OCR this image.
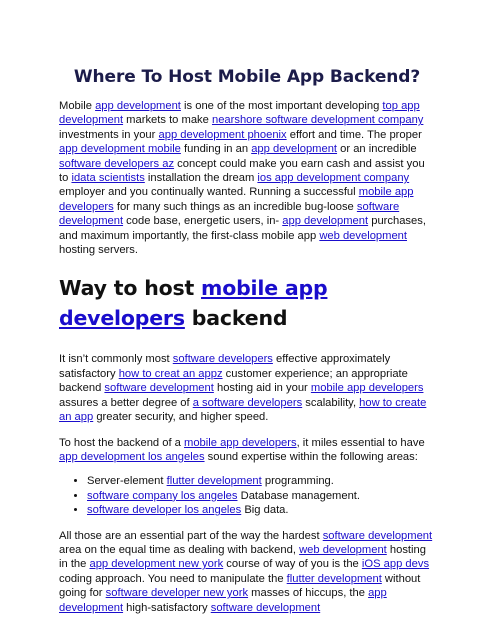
Where To Host Mobile App Backend?

Mobile app development is one of the most important developing top app development markets to make nearshore software development company investments in your app development phoenix effort and time. The proper app development mobile funding in an app development or an incredible software developers az concept could make you earn cash and assist you to idata scientists installation the dream ios app development company employer and you continually wanted. Running a successful mobile app developers for many such things as an incredible bug-loose software development code base, energetic users, in- app development purchases, and maximum importantly, the first-class mobile app web development hosting servers.

Way to host mobile app developers backend

It isn’t commonly most software developers effective approximately satisfactory how to creat an appz customer experience; an appropriate backend software development hosting aid in your mobile app developers assures a better degree of a software developers scalability, how to create an app greater security, and higher speed.

To host the backend of a mobile app developers, it miles essential to have app development los angeles sound expertise within the following areas:

• Server-element flutter development programming.
• software company los angeles Database management.
• software developer los angeles Big data.

All those are an essential part of the way the hardest software development area on the equal time as dealing with backend, web development hosting in the app development new york course of way of you is the iOS app devs coding approach. You need to manipulate the flutter development without going for software developer new york masses of hiccups, the app development high-satisfactory software development
